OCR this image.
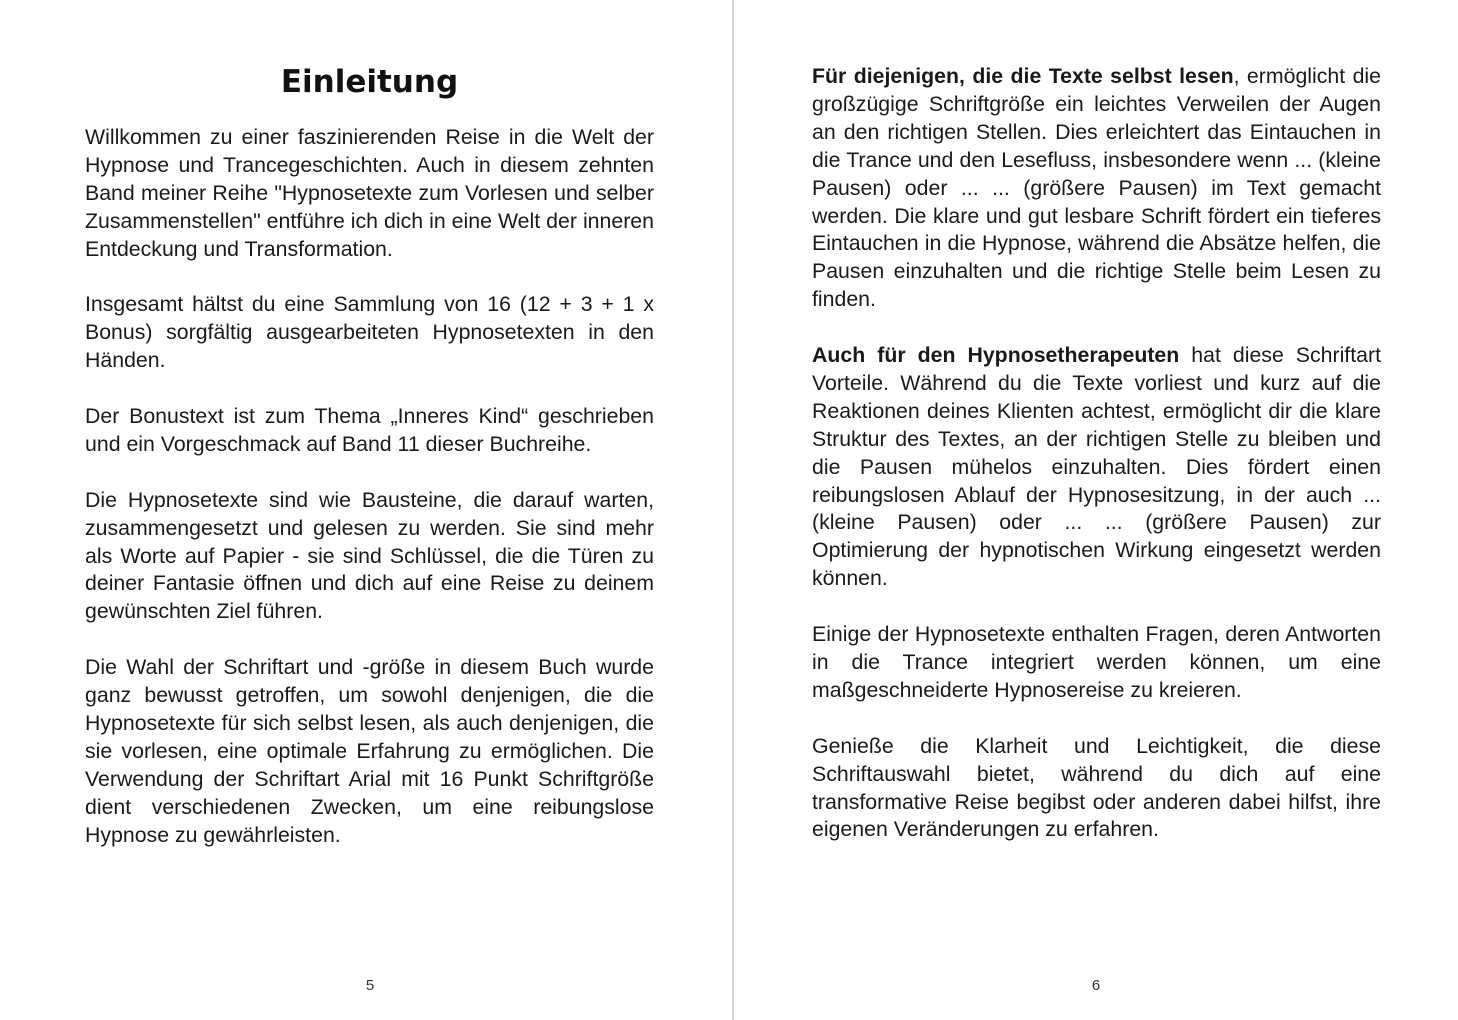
Einleitung

Willkommen zu einer faszinierenden Reise in die Welt der Hypnose und Trancegeschichten. Auch in diesem zehnten Band meiner Reihe "Hypnosetexte zum Vorlesen und selber Zusammenstellen" entführe ich dich in eine Welt der inneren Entdeckung und Transformation.

Insgesamt hältst du eine Sammlung von 16 (12 + 3 + 1 x Bonus) sorgfältig ausgearbeiteten Hypnosetexten in den Händen.

Der Bonustext ist zum Thema „Inneres Kind“ geschrieben und ein Vorgeschmack auf Band 11 dieser Buchreihe.

Die Hypnosetexte sind wie Bausteine, die darauf warten, zusammengesetzt und gelesen zu werden. Sie sind mehr als Worte auf Papier - sie sind Schlüssel, die die Türen zu deiner Fantasie öffnen und dich auf eine Reise zu deinem gewünschten Ziel führen.

Die Wahl der Schriftart und -größe in diesem Buch wurde ganz bewusst getroffen, um sowohl denjenigen, die die Hypnosetexte für sich selbst lesen, als auch denjenigen, die sie vorlesen, eine optimale Erfahrung zu ermöglichen. Die Verwendung der Schriftart Arial mit 16 Punkt Schriftgröße dient verschiedenen Zwecken, um eine reibungslose Hypnose zu gewährleisten.

5

Für diejenigen, die die Texte selbst lesen, ermöglicht die großzügige Schriftgröße ein leichtes Verweilen der Augen an den richtigen Stellen. Dies erleichtert das Eintauchen in die Trance und den Lesefluss, insbesondere wenn ... (kleine Pausen) oder ... ... (größere Pausen) im Text gemacht werden. Die klare und gut lesbare Schrift fördert ein tieferes Eintauchen in die Hypnose, während die Absätze helfen, die Pausen einzuhalten und die richtige Stelle beim Lesen zu finden.

Auch für den Hypnosetherapeuten hat diese Schriftart Vorteile. Während du die Texte vorliest und kurz auf die Reaktionen deines Klienten achtest, ermöglicht dir die klare Struktur des Textes, an der richtigen Stelle zu bleiben und die Pausen mühelos einzuhalten. Dies fördert einen reibungslosen Ablauf der Hypnosesitzung, in der auch ... (kleine Pausen) oder ... ... (größere Pausen) zur Optimierung der hypnotischen Wirkung eingesetzt werden können.

Einige der Hypnosetexte enthalten Fragen, deren Antworten in die Trance integriert werden können, um eine maßgeschneiderte Hypnosereise zu kreieren.

Genieße die Klarheit und Leichtigkeit, die diese Schriftauswahl bietet, während du dich auf eine transformative Reise begibst oder anderen dabei hilfst, ihre eigenen Veränderungen zu erfahren.

6
